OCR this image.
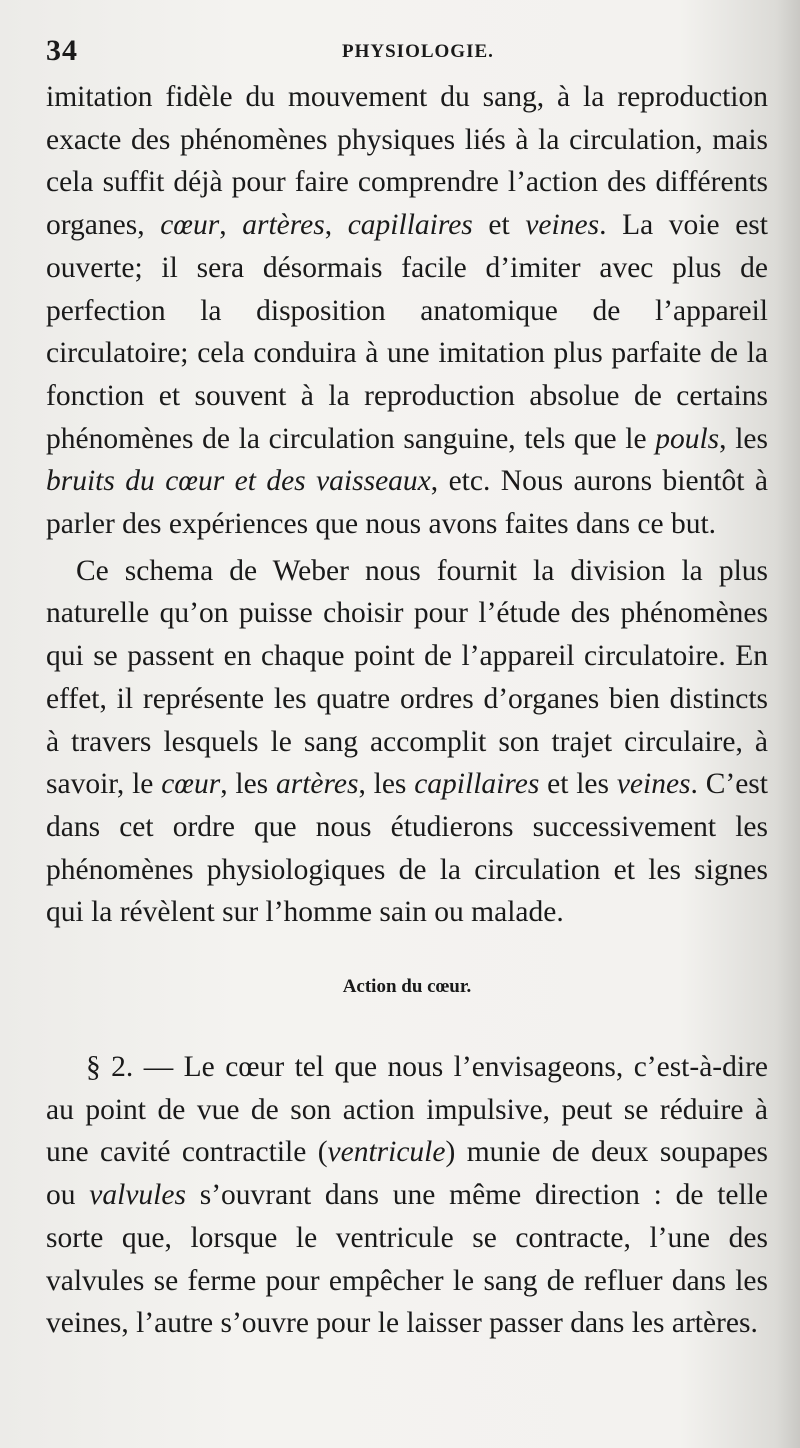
34	PHYSIOLOGIE.

imitation fidèle du mouvement du sang, à la reproduction exacte des phénomènes physiques liés à la circulation, mais cela suffit déjà pour faire comprendre l’action des différents organes, cœur, artères, capillaires et veines. La voie est ouverte; il sera désormais facile d’imiter avec plus de perfection la disposition anatomique de l’appareil circulatoire; cela conduira à une imitation plus parfaite de la fonction et souvent à la reproduction absolue de certains phénomènes de la circulation sanguine, tels que le pouls, les bruits du cœur et des vaisseaux, etc. Nous aurons bientôt à parler des expériences que nous avons faites dans ce but.

Ce schema de Weber nous fournit la division la plus naturelle qu’on puisse choisir pour l’étude des phénomènes qui se passent en chaque point de l’appareil circulatoire. En effet, il représente les quatre ordres d’organes bien distincts à travers lesquels le sang accomplit son trajet circulaire, à savoir, le cœur, les artères, les capillaires et les veines. C’est dans cet ordre que nous étudierons successivement les phénomènes physiologiques de la circulation et les signes qui la révèlent sur l’homme sain ou malade.

Action du cœur.

§ 2. — Le cœur tel que nous l’envisageons, c’est-à-dire au point de vue de son action impulsive, peut se réduire à une cavité contractile (ventricule) munie de deux soupapes ou valvules s’ouvrant dans une même direction : de telle sorte que, lorsque le ventricule se contracte, l’une des valvules se ferme pour empêcher le sang de refluer dans les veines, l’autre s’ouvre pour le laisser passer dans les artères.
